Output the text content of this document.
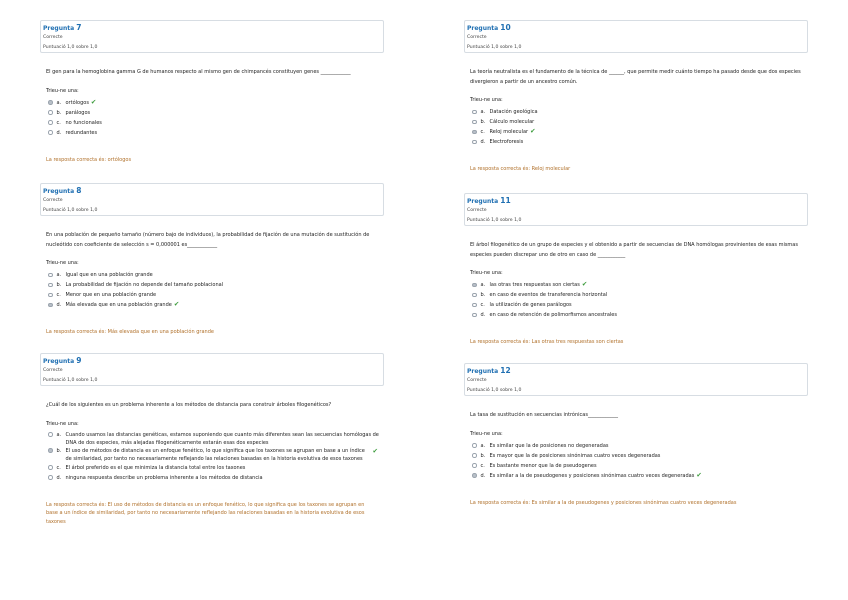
Pregunta 7
Correcte
Puntuació 1,0 sobre 1,0
El gen para la hemoglobina gamma G de humanos respecto al mismo gen de chimpancés constituyen genes ____________
Trieu-ne una:
a. ortólogos ✔
b. parálogos
c. no funcionales
d. redundantes
La resposta correcta és: ortólogos
Pregunta 8
Correcte
Puntuació 1,0 sobre 1,0
En una población de pequeño tamaño (número bajo de individuos), la probabilidad de fijación de una mutación de sustitución de nucleótido con coeficiente de selección s = 0,000001 es____________
Trieu-ne una:
a. Igual que en una población grande
b. La probabilidad de fijación no depende del tamaño poblacional
c. Menor que en una población grande
d. Más elevada que en una población grande ✔
La resposta correcta és: Más elevada que en una población grande
Pregunta 9
Correcte
Puntuació 1,0 sobre 1,0
¿Cuál de los siguientes es un problema inherente a los métodos de distancia para construir árboles filogenéticos?
Trieu-ne una:
a. Cuando usamos las distancias genéticas, estamos suponiendo que cuanto más diferentes sean las secuencias homólogas de DNA de dos especies, más alejadas filogenéticamente estarán esas dos especies
b. El uso de métodos de distancia es un enfoque fenético, lo que significa que los taxones se agrupan en base a un índice de similaridad, por tanto no necesariamente reflejando las relaciones basadas en la historia evolutiva de esos taxones
✔
c. El árbol preferido es el que minimiza la distancia total entre los taxones
d. ninguna respuesta describe un problema inherente a los métodos de distancia
La resposta correcta és: El uso de métodos de distancia es un enfoque fenético, lo que significa que los taxones se agrupan en base a un índice de similaridad, por tanto no necesariamente reflejando las relaciones basadas en la historia evolutiva de esos taxones
Pregunta 10
Correcte
Puntuació 1,0 sobre 1,0
La teoría neutralista es el fundamento de la técnica de ______, que permite medir cuánto tiempo ha pasado desde que dos especies divergieron a partir de un ancestro común.
Trieu-ne una:
a. Datación geológica
b. Cálculo molecular
c. Reloj molecular ✔
d. Electroforesis
La resposta correcta és: Reloj molecular
Pregunta 11
Correcte
Puntuació 1,0 sobre 1,0
El árbol filogenético de un grupo de especies y el obtenido a partir de secuencias de DNA homólogas provinientes de esas mismas especies pueden discrepar uno de otro en caso de ___________
Trieu-ne una:
a. las otras tres respuestas son ciertas ✔
b. en caso de eventos de transferencia horizontal
c. la utilización de genes parálogos
d. en caso de retención de polimorfismos ancestrales
La resposta correcta és: Las otras tres respuestas son ciertas
Pregunta 12
Correcte
Puntuació 1,0 sobre 1,0
La tasa de sustitución en secuencias intrónicas____________
Trieu-ne una:
a. Es similar que la de posiciones no degeneradas
b. Es mayor que la de posiciones sinónimas cuatro veces degeneradas
c. Es bastante menor que la de pseudogenes
d. Es similar a la de pseudogenes y posiciones sinónimas cuatro veces degeneradas ✔
La resposta correcta és: Es similar a la de pseudogenes y posiciones sinónimas cuatro veces degeneradas
